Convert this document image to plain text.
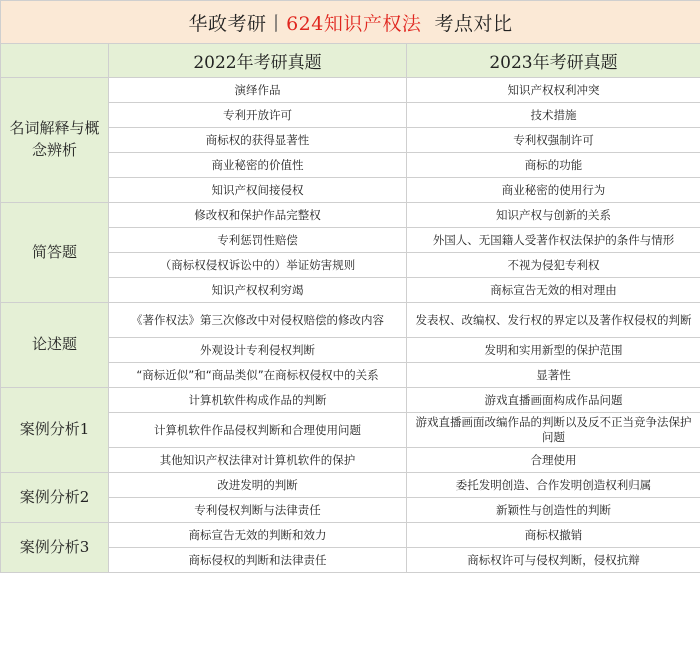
华政考研丨624知识产权法 考点对比		
	2022年考研真题	2023年考研真题
名词解释与概念辨析	演绎作品	知识产权权利冲突
	专利开放许可	技术措施
	商标权的获得显著性	专利权强制许可
	商业秘密的价值性	商标的功能
	知识产权间接侵权	商业秘密的使用行为
简答题	修改权和保护作品完整权	知识产权与创新的关系
	专利惩罚性赔偿	外国人、无国籍人受著作权法保护的条件与情形
	（商标权侵权诉讼中的）举证妨害规则	不视为侵犯专利权
	知识产权权利穷竭	商标宣告无效的相对理由
论述题	《著作权法》第三次修改中对侵权赔偿的修改内容	发表权、改编权、发行权的界定以及著作权侵权的判断
	外观设计专利侵权判断	发明和实用新型的保护范围
	“商标近似”和“商品类似”在商标权侵权中的关系	显著性
案例分析1	计算机软件构成作品的判断	游戏直播画面构成作品问题
	计算机软件作品侵权判断和合理使用问题	游戏直播画面改编作品的判断以及反不正当竞争法保护问题
	其他知识产权法律对计算机软件的保护	合理使用
案例分析2	改进发明的判断	委托发明创造、合作发明创造权利归属
	专利侵权判断与法律责任	新颖性与创造性的判断
案例分析3	商标宣告无效的判断和效力	商标权撤销
	商标侵权的判断和法律责任	商标权许可与侵权判断，侵权抗辩
